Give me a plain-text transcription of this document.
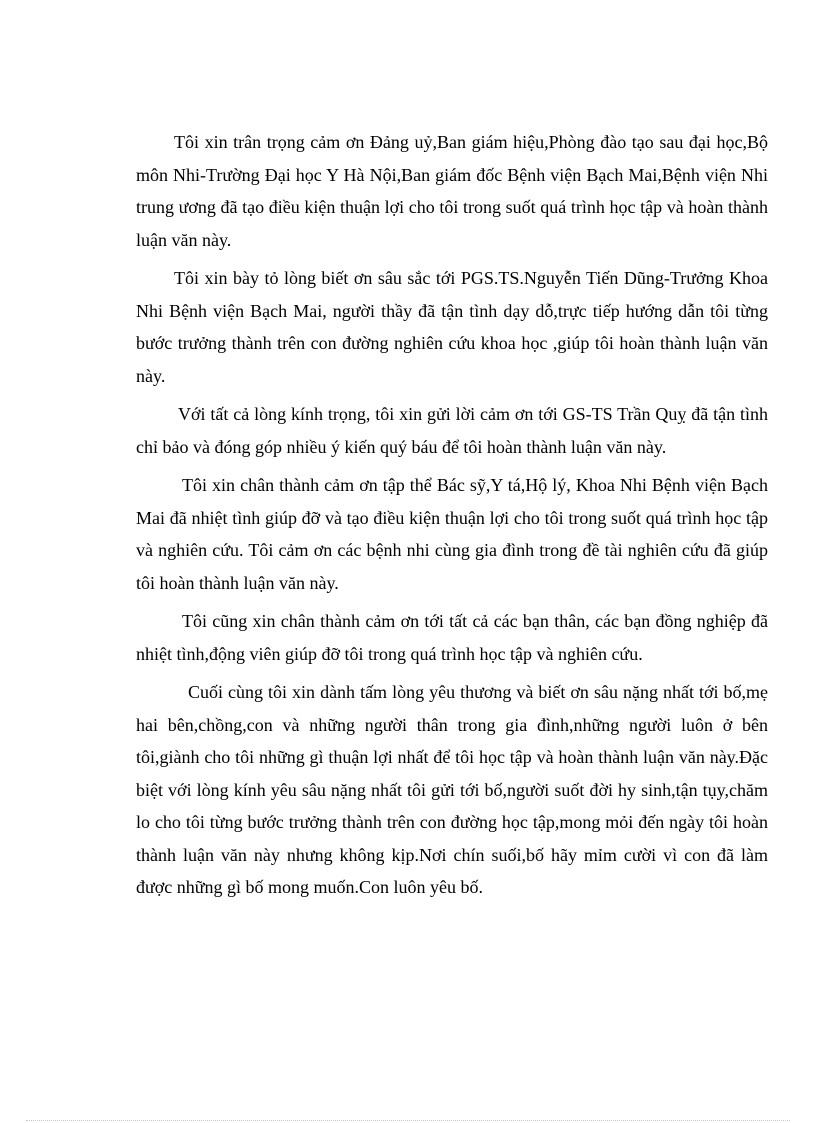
Tôi xin trân trọng cảm ơn Đảng uỷ,Ban giám hiệu,Phòng đào tạo sau đại học,Bộ môn Nhi-Trường Đại học Y Hà Nội,Ban giám đốc Bệnh viện Bạch Mai,Bệnh viện Nhi trung ương đã tạo điều kiện thuận lợi cho tôi trong suốt quá trình học tập và hoàn thành luận văn này.

Tôi xin bày tỏ lòng biết ơn sâu sắc tới PGS.TS.Nguyễn Tiến Dũng-Trưởng Khoa Nhi Bệnh viện Bạch Mai, người thầy đã tận tình dạy dỗ,trực tiếp hướng dẫn tôi từng bước trưởng thành trên con đường nghiên cứu khoa học ,giúp tôi hoàn thành luận văn này.

Với tất cả lòng kính trọng, tôi xin gửi lời cảm ơn tới GS-TS Trần Quỵ đã tận tình chỉ bảo và đóng góp nhiều ý kiến quý báu để tôi hoàn thành luận văn này.

Tôi xin chân thành cảm ơn tập thể Bác sỹ,Y tá,Hộ lý, Khoa Nhi Bệnh viện Bạch Mai đã nhiệt tình giúp đỡ và tạo điều kiện thuận lợi cho tôi trong suốt quá trình học tập và nghiên cứu. Tôi cảm ơn các bệnh nhi cùng gia đình trong đề tài nghiên cứu đã giúp tôi hoàn thành luận văn này.

Tôi cũng xin chân thành cảm ơn tới tất cả các bạn thân, các bạn đồng nghiệp đã nhiệt tình,động viên giúp đỡ tôi trong quá trình học tập và nghiên cứu.

Cuối cùng tôi xin dành tấm lòng yêu thương và biết ơn sâu nặng nhất tới bố,mẹ hai bên,chồng,con và những người thân trong gia đình,những người luôn ở bên tôi,giành cho tôi những gì thuận lợi nhất để tôi học tập và hoàn thành luận văn này.Đặc biệt với lòng kính yêu sâu nặng nhất tôi gửi tới bố,người suốt đời hy sinh,tận tụy,chăm lo cho tôi từng bước trưởng thành trên con đường học tập,mong mỏi đến ngày tôi hoàn thành luận văn này nhưng không kịp.Nơi chín suối,bố hãy mỉm cười vì con đã làm được những gì bố mong muốn.Con luôn yêu bố.
